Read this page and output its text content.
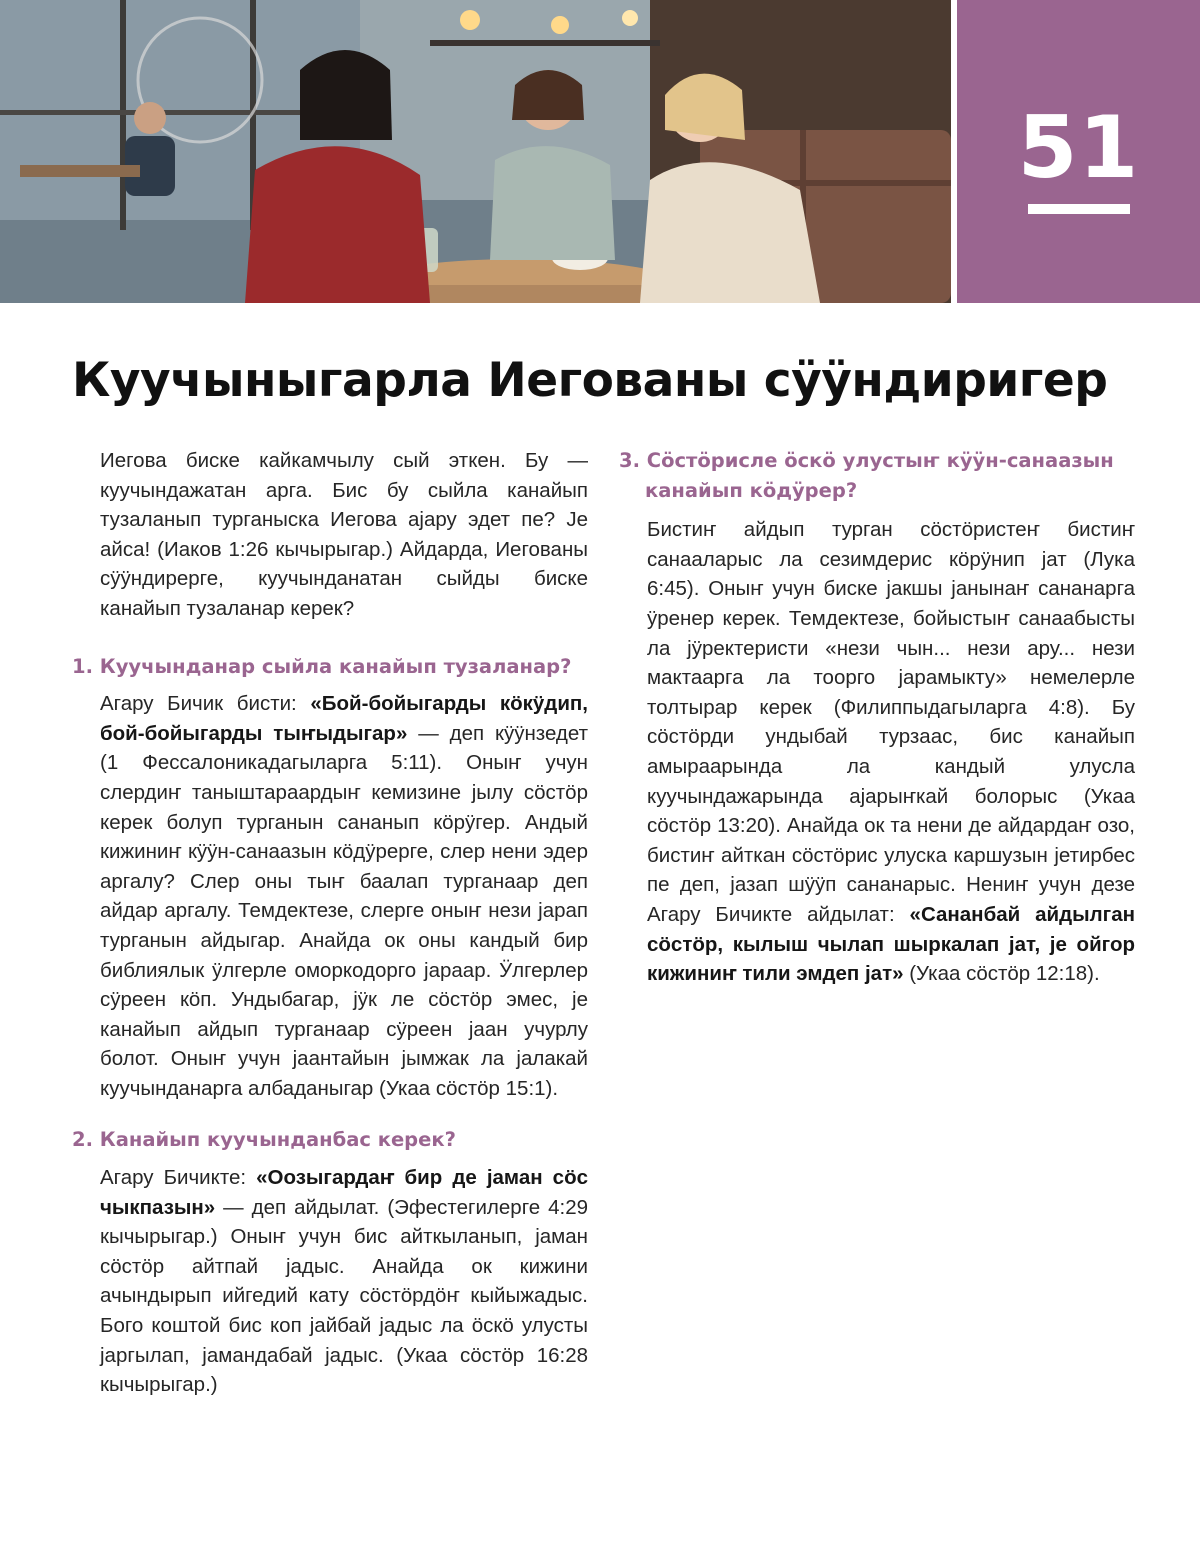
51
Куучыныгарла Иегованы сӱӱндиригер

Иегова биске кайкамчылу сый эткен. Бу — куучындажатан арга. Бис бу сыйла канайып тузаланып турганыска Иегова ајару эдет пе? Је айса! (Иаков 1:26 кычырыгар.) Айдарда, Иегованы сӱӱндирерге, куучынданатан сыйды биске канайып тузаланар керек?

1. Куучынданар сыйла канайып тузаланар?

Агару Бичик бисти: «Бой-бойыгарды кӧкӱдип, бой-бойыгарды тыҥыдыгар» — деп кӱӱнзедет (1 Фессалоникадагыларга 5:11). Оныҥ учун слердиҥ таныштараардыҥ кемизине јылу сӧстӧр керек болуп турганын сананып кӧрӱгер. Андый кижиниҥ кӱӱн-санаазын кӧдӱрерге, слер нени эдер аргалу? Слер оны тыҥ баалап турганаар деп айдар аргалу. Темдектезе, слерге оныҥ нези јарап турганын айдыгар. Анайда ок оны кандый бир библиялык ӱлгерле оморкодорго јараар. Ӱлгерлер сӱреен кӧп. Ундыбагар, јӱк ле сӧстӧр эмес, је канайып айдып турганаар сӱреен јаан учурлу болот. Оныҥ учун јаантайын јымжак ла јалакай куучынданарга албаданыгар (Укаа сӧстӧр 15:1).

2. Канайып куучынданбас керек?

Агару Бичикте: «Оозыгардаҥ бир де јаман сӧс чыкпазын» — деп айдылат. (Эфестегилерге 4:29 кычырыгар.) Оныҥ учун бис айткыланып, јаман сӧстӧр айтпай јадыс. Анайда ок кижини ачындырып ийгедий кату сӧстӧрдӧҥ кыйыжадыс. Бого коштой бис коп јайбай јадыс ла ӧскӧ улусты јаргылап, јамандабай јадыс. (Укаа сӧстӧр 16:28 кычырыгар.)

3. Сӧстӧрисле ӧскӧ улустыҥ кӱӱн-санаазын канайып кӧдӱрер?

Бистиҥ айдып турган сӧстӧристеҥ бистиҥ санааларыс ла сезимдерис кӧрӱнип јат (Лука 6:45). Оныҥ учун биске јакшы јанынаҥ сананарга ӱренер керек. Темдектезе, бойыстыҥ санаабысты ла јӱректеристи «нези чын... нези ару... нези мактаарга ла тоорго јарамыкту» немелерле толтырар керек (Филиппыдагыларга 4:8). Бу сӧстӧрди ундыбай турзаас, бис канайып амыраарында ла кандый улусла куучындажарында ајарыҥкай болорыс (Укаа сӧстӧр 13:20). Анайда ок та нени де айдардаҥ озо, бистиҥ айткан сӧстӧрис улуска каршузын јетирбес пе деп, јазап шӱӱп сананарыс. Нениҥ учун дезе Агару Бичикте айдылат: «Сананбай айдылган сӧстӧр, кылыш чылап шыркалап јат, је ойгор кижиниҥ тили эмдеп јат» (Укаа сӧстӧр 12:18).
